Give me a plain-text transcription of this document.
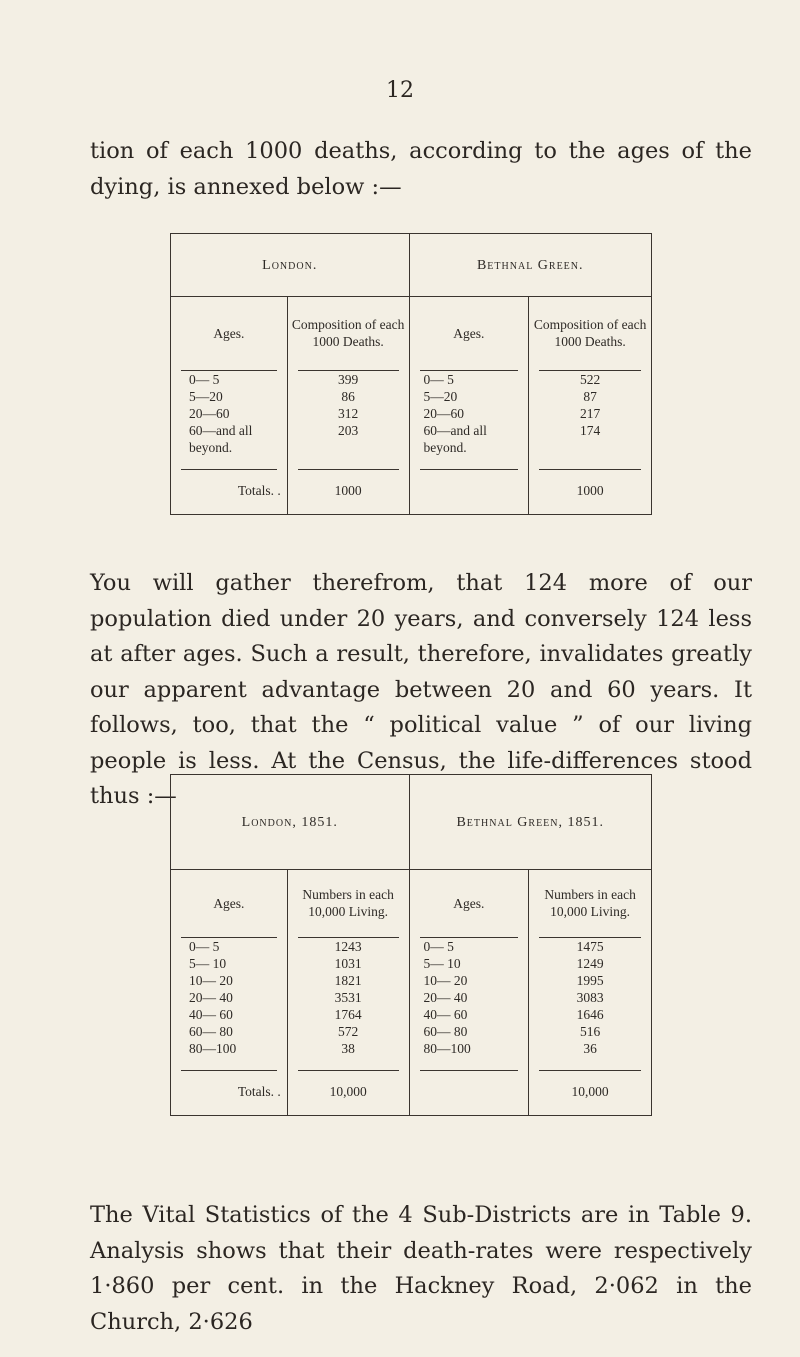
12

tion of each 1000 deaths, according to the ages of the dying, is annexed below :—

London.		Bethnal Green.	
Ages.	Composition of each 1000 Deaths.	Ages.	Composition of each 1000 Deaths.

0— 5	399	0— 5	522
5—20	86	5—20	87
20—60	312	20—60	217
60—and all beyond.	203	60—and all beyond.	174

Totals. .	1000		1000

You will gather therefrom, that 124 more of our population died under 20 years, and conversely 124 less at after ages. Such a result, therefore, invalidates greatly our apparent advantage between 20 and 60 years. It follows, too, that the “ political value ” of our living people is less. At the Census, the life-differences stood thus :—

London, 1851.		Bethnal Green, 1851.	
Ages.	Numbers in each 10,000 Living.	Ages.	Numbers in each 10,000 Living.

0— 5	1243	0— 5	1475
5— 10	1031	5— 10	1249
10— 20	1821	10— 20	1995
20— 40	3531	20— 40	3083
40— 60	1764	40— 60	1646
60— 80	572	60— 80	516
80—100	38	80—100	36

Totals. .	10,000		10,000

The Vital Statistics of the 4 Sub-Districts are in Table 9. Analysis shows that their death-rates were respectively 1·860 per cent. in the Hackney Road, 2·062 in the Church, 2·626
